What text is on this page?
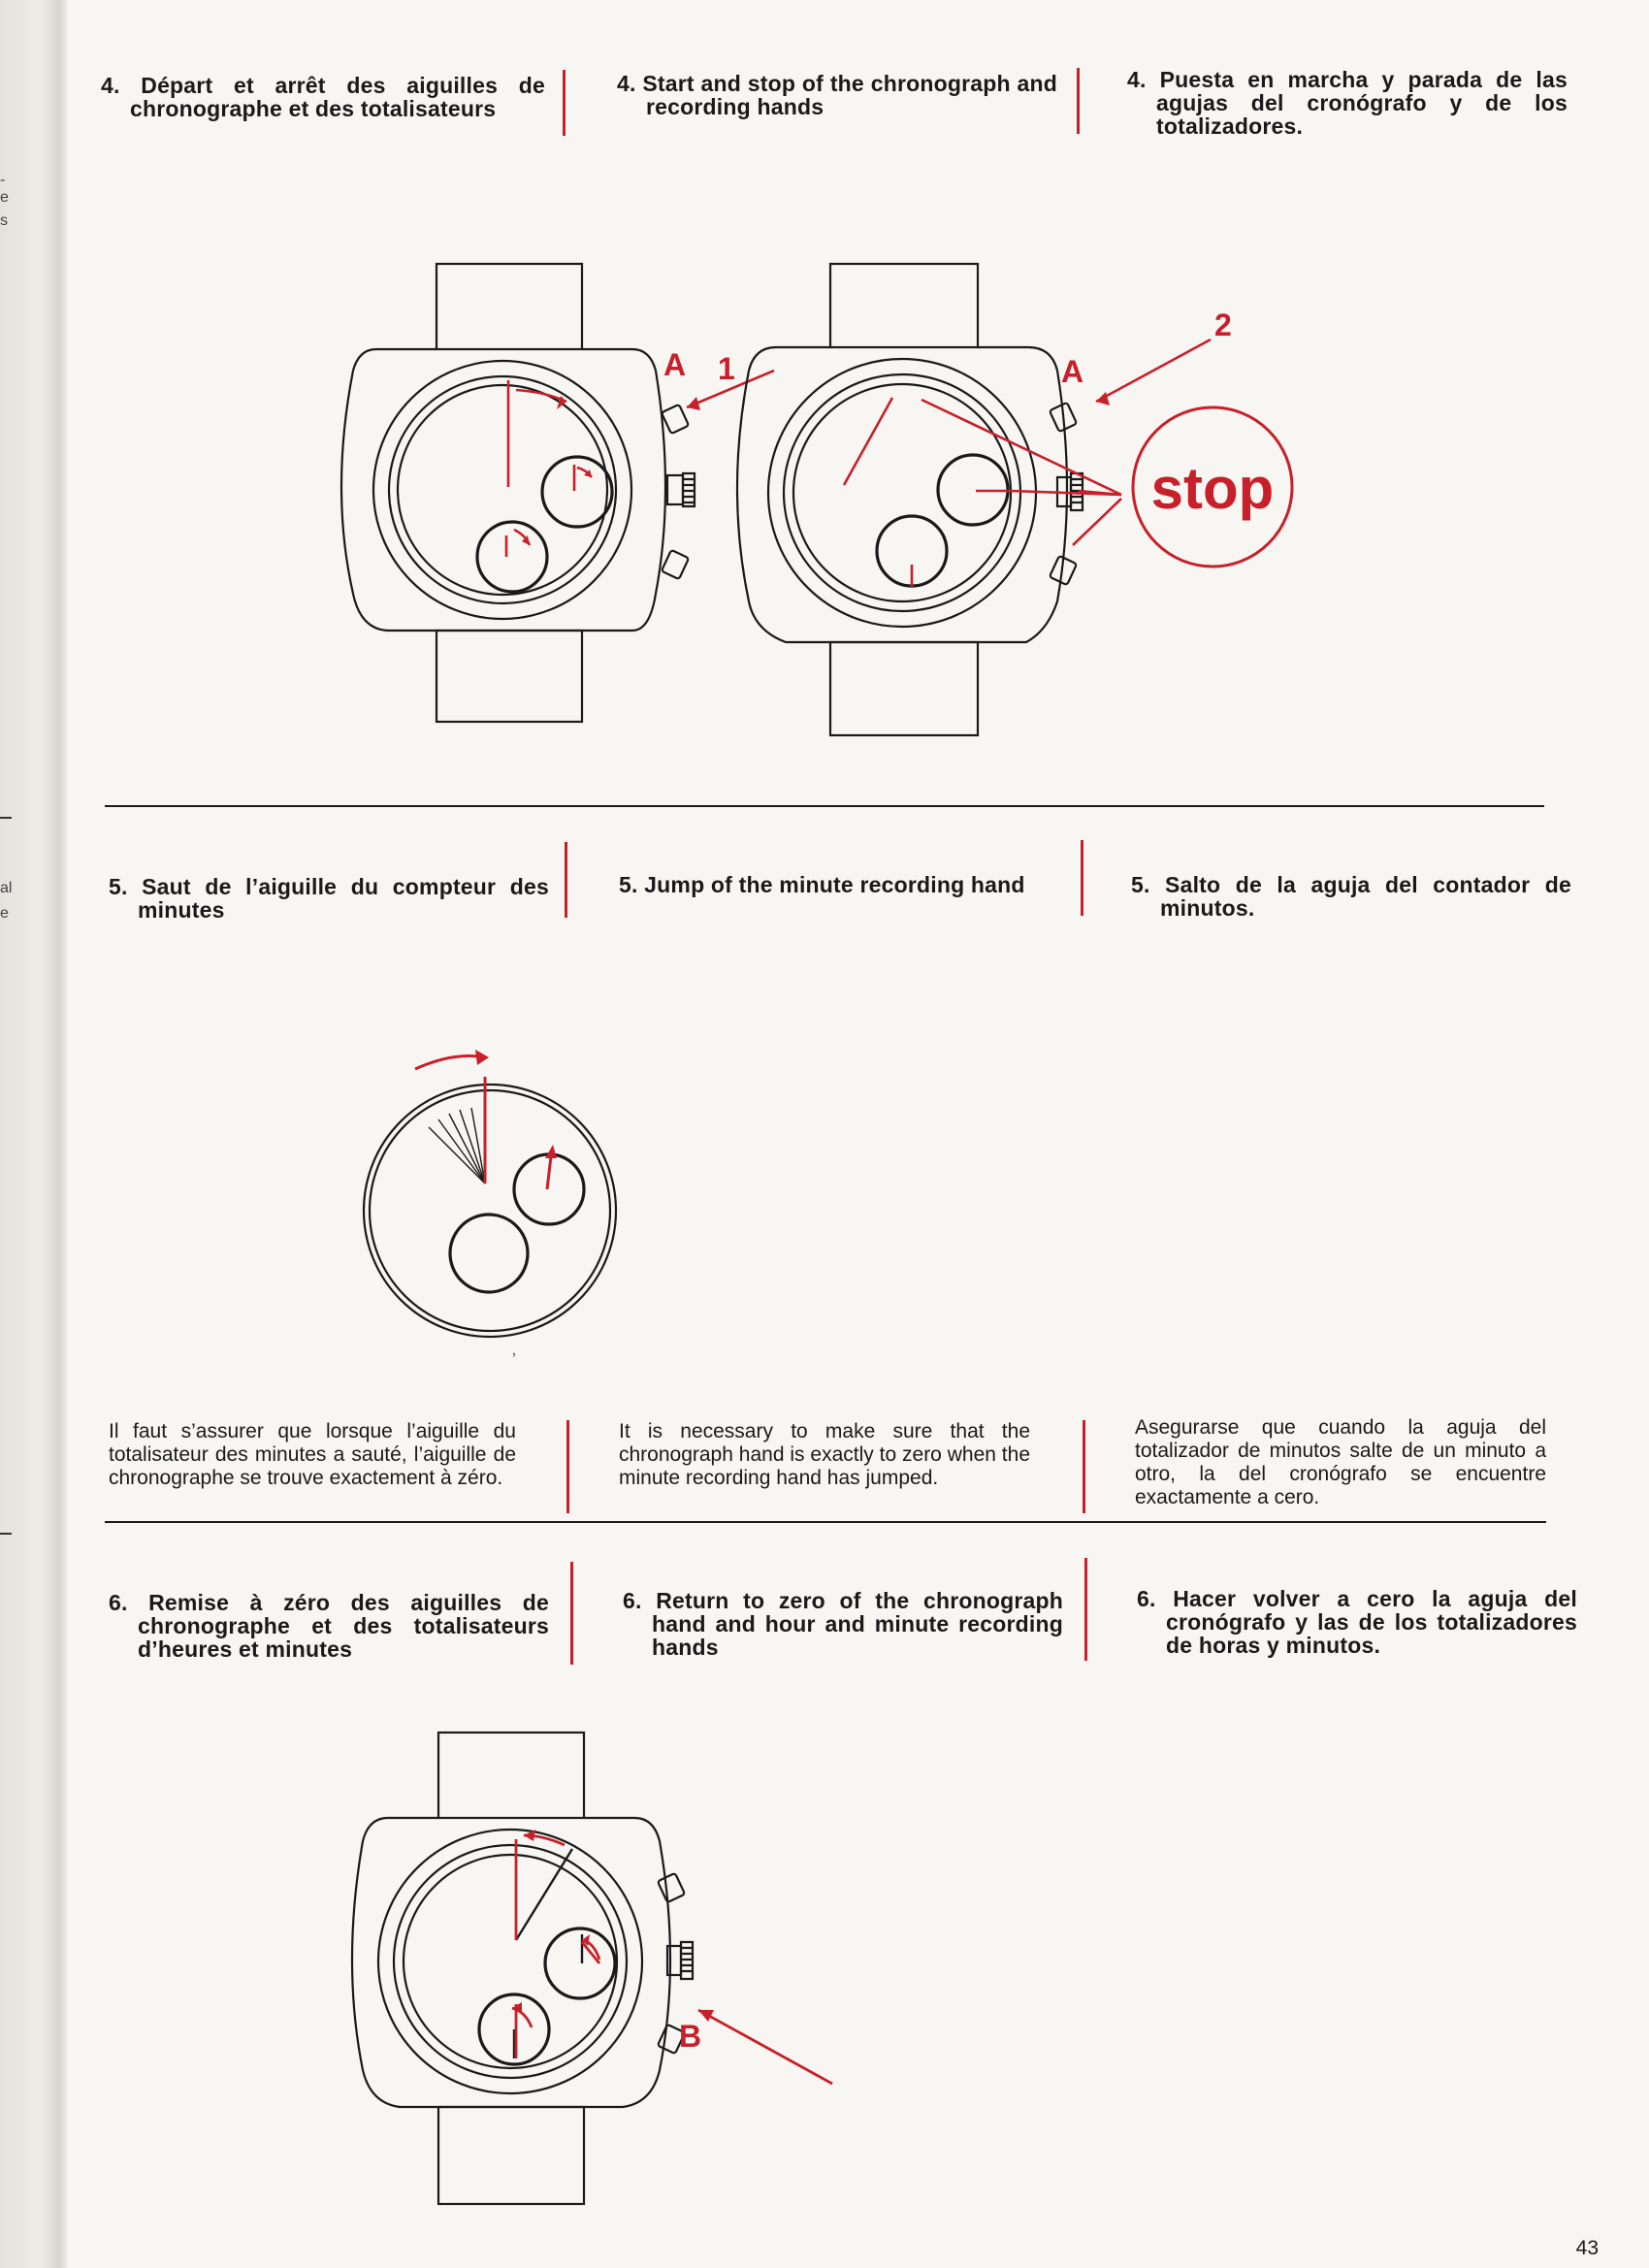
-
e
s
al
e

4. Départ et arrêt des aiguilles de chronographe et des totalisateurs

4. Start and stop of the chronograph and recording hands

4. Puesta en marcha y parada de las agujas del cronógrafo y de los totalizadores.

A 1	A
2
stop

5. Saut de l’aiguille du compteur des minutes

5. Jump of the minute recording hand	5. Salto de la aguja del contador de minutos.

ʼ

Il faut s’assurer que lorsque l’aiguille du totalisateur des minutes a sauté, l’aiguille de chronographe se trouve exactement à zéro.

It is necessary to make sure that the chronograph hand is exactly to zero when the minute recording hand has jumped.

Asegurarse que cuando la aguja del totalizador de minutos salte de un minuto a otro, la del cronógrafo se encuentre exactamente a cero.

6. Remise à zéro des aiguilles de chronographe et des totalisateurs d’heures et minutes

6. Return to zero of the chronograph hand and hour and minute recording hands

6. Hacer volver a cero la aguja del cronógrafo y las de los totalizadores de horas y minutos.

B
43
